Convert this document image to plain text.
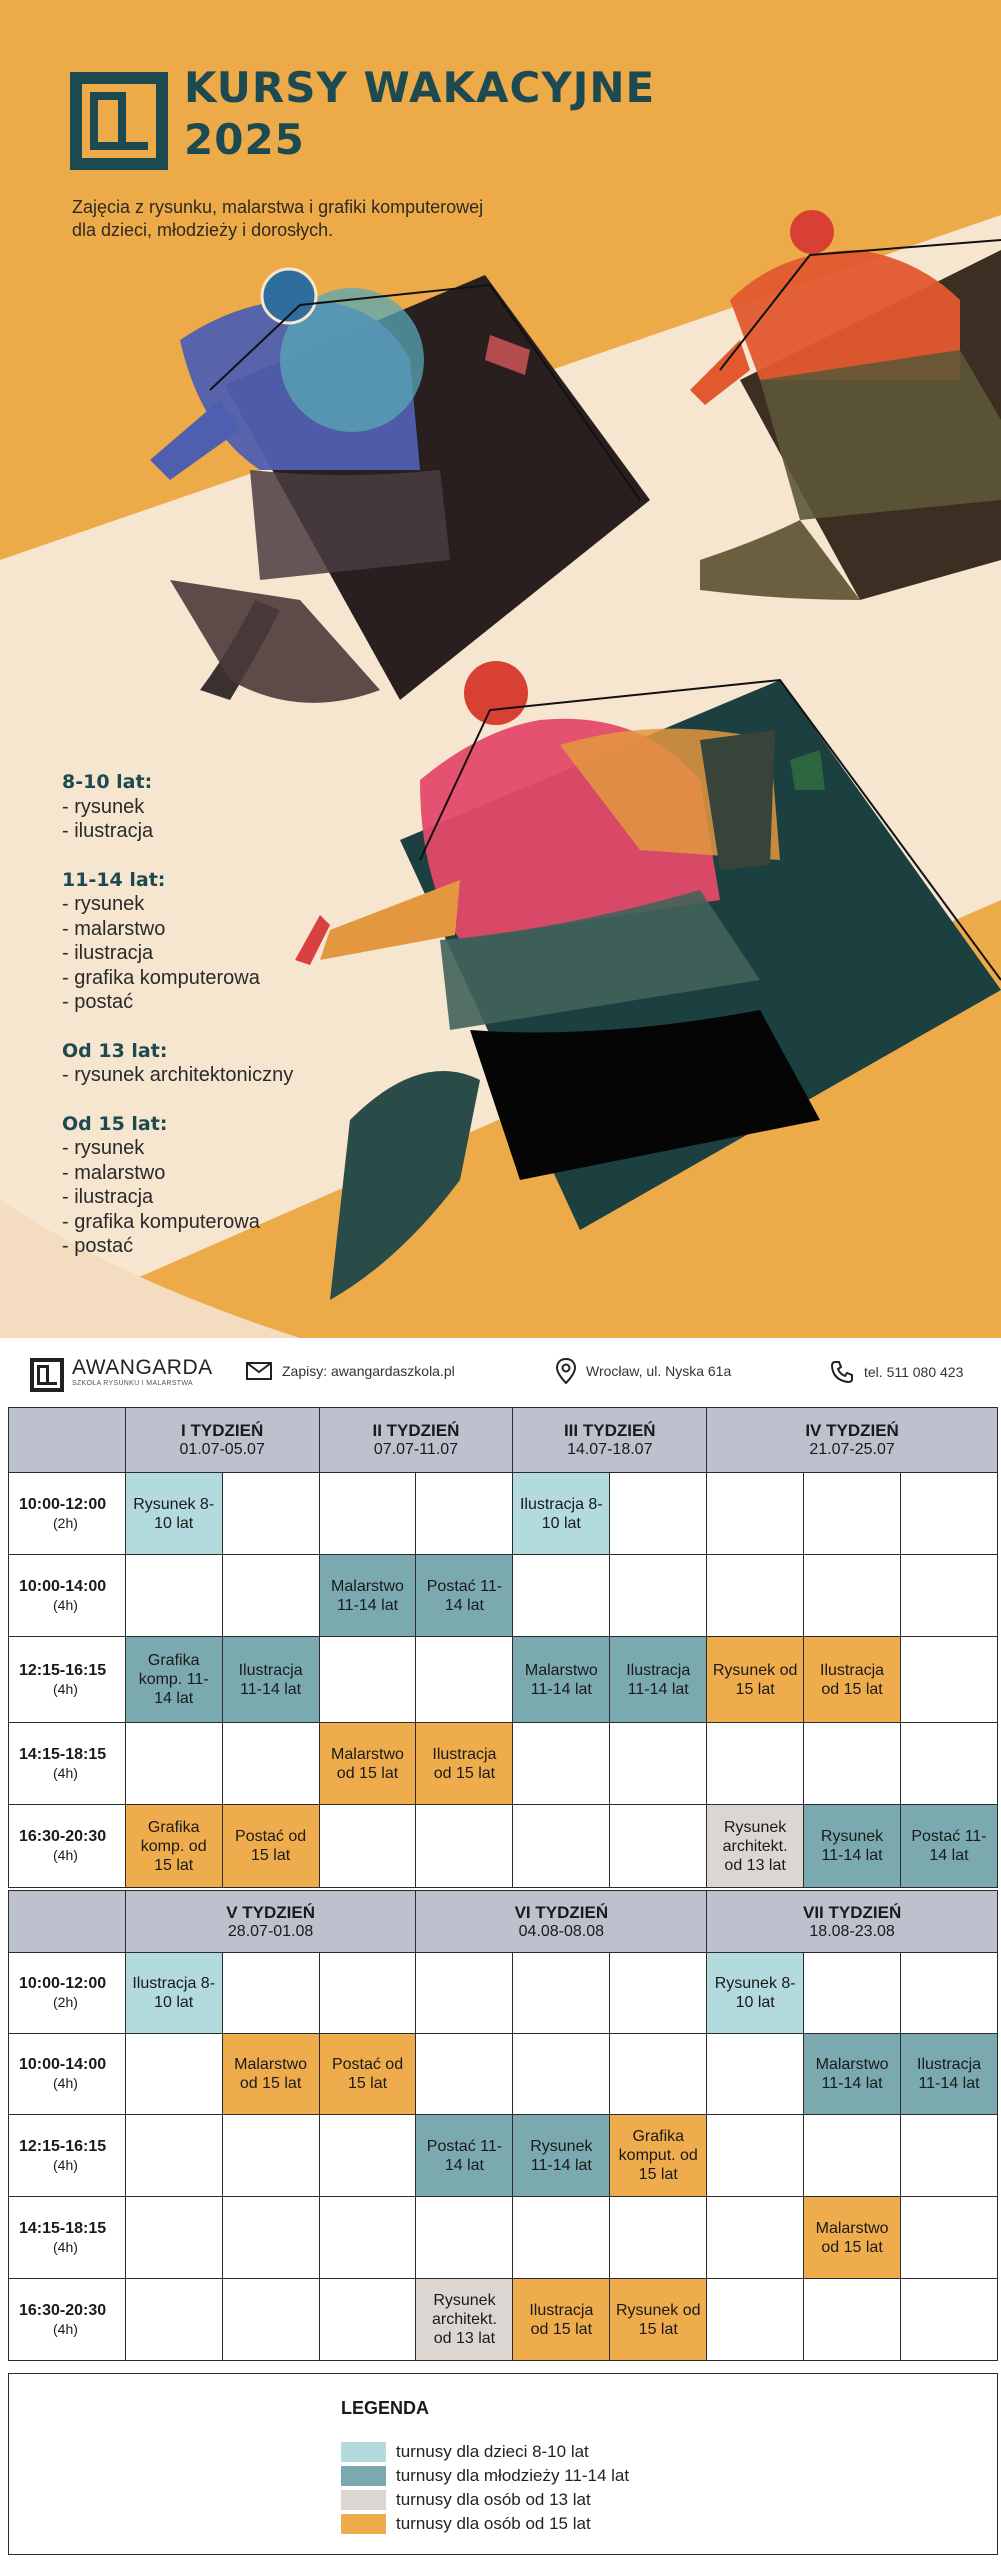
KURSY WAKACYJNE
2025
Zajęcia z rysunku, malarstwa i grafiki komputerowej dla dzieci, młodzieży i dorosłych.
8-10 lat:
- rysunek
- ilustracja
11-14 lat:
- rysunek
- malarstwo
- ilustracja
- grafika komputerowa
- postać
Od 13 lat:
- rysunek architektoniczny
Od 15 lat:
- rysunek
- malarstwo
- ilustracja
- grafika komputerowa
- postać
AWANGARDA
SZKOŁA RYSUNKU I MALARSTWA
Zapisy: awangardaszkola.pl	Wrocław, ul. Nyska 61a	tel. 511 080 423

	I TYDZIEŃ
01.07-05.07		II TYDZIEŃ
07.07-11.07		III TYDZIEŃ
14.07-18.07		IV TYDZIEŃ
21.07-25.07		

10:00-12:00
(2h)	Rysunek 8-10 lat				Ilustracja 8-10 lat				

10:00-14:00
(4h)			Malarstwo 11-14 lat	Postać 11-14 lat					

12:15-16:15
(4h)	Grafika komp. 11-14 lat	Ilustracja 11-14 lat			Malarstwo 11-14 lat	Ilustracja 11-14 lat	Rysunek od 15 lat	Ilustracja od 15 lat	

14:15-18:15
(4h)			Malarstwo od 15 lat	Ilustracja od 15 lat					

16:30-20:30
(4h)	Grafika komp. od 15 lat	Postać od 15 lat					Rysunek architekt. od 13 lat	Rysunek 11-14 lat	Postać 11-14 lat

	V TYDZIEŃ
28.07-01.08			VI TYDZIEŃ
04.08-08.08			VII TYDZIEŃ
18.08-23.08		

10:00-12:00
(2h)	Ilustracja 8-10 lat						Rysunek 8-10 lat		

10:00-14:00
(4h)		Malarstwo od 15 lat	Postać od 15 lat					Malarstwo 11-14 lat	Ilustracja 11-14 lat

12:15-16:15
(4h)				Postać 11-14 lat	Rysunek 11-14 lat	Grafika komput. od 15 lat			

14:15-18:15
(4h)								Malarstwo od 15 lat	

16:30-20:30
(4h)				Rysunek architekt. od 13 lat	Ilustracja od 15 lat	Rysunek od 15 lat			
LEGENDA
turnusy dla dzieci 8-10 lat
turnusy dla młodzieży 11-14 lat
turnusy dla osób od 13 lat
turnusy dla osób od 15 lat
